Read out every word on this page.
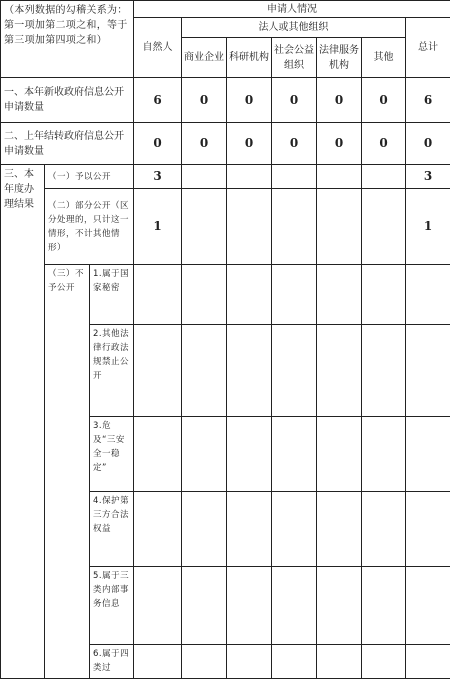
（本列数据的勾稽关系为：第一项加第二项之和，等于第三项加第四项之和）			申请人情况						
			自然人	法人或其他组织					总计
				商业企业	科研机构	社会公益组织	法律服务机构	其他	

一、本年新收政府信息公开申请数量			6	0	0	0	0	0	6

二、上年结转政府信息公开申请数量			0	0	0	0	0	0	0

三、本年度办理结果	（一）予以公开		3						3

	（二）部分公开（区分处理的，只计这一情形，不计其他情形）		1						1

	（三）不予公开	1.属于国家秘密							

		2.其他法律行政法规禁止公开							

		3.危及“三安全一稳定”							

		4.保护第三方合法权益							

		5.属于三类内部事务信息							

		6.属于四类过							
